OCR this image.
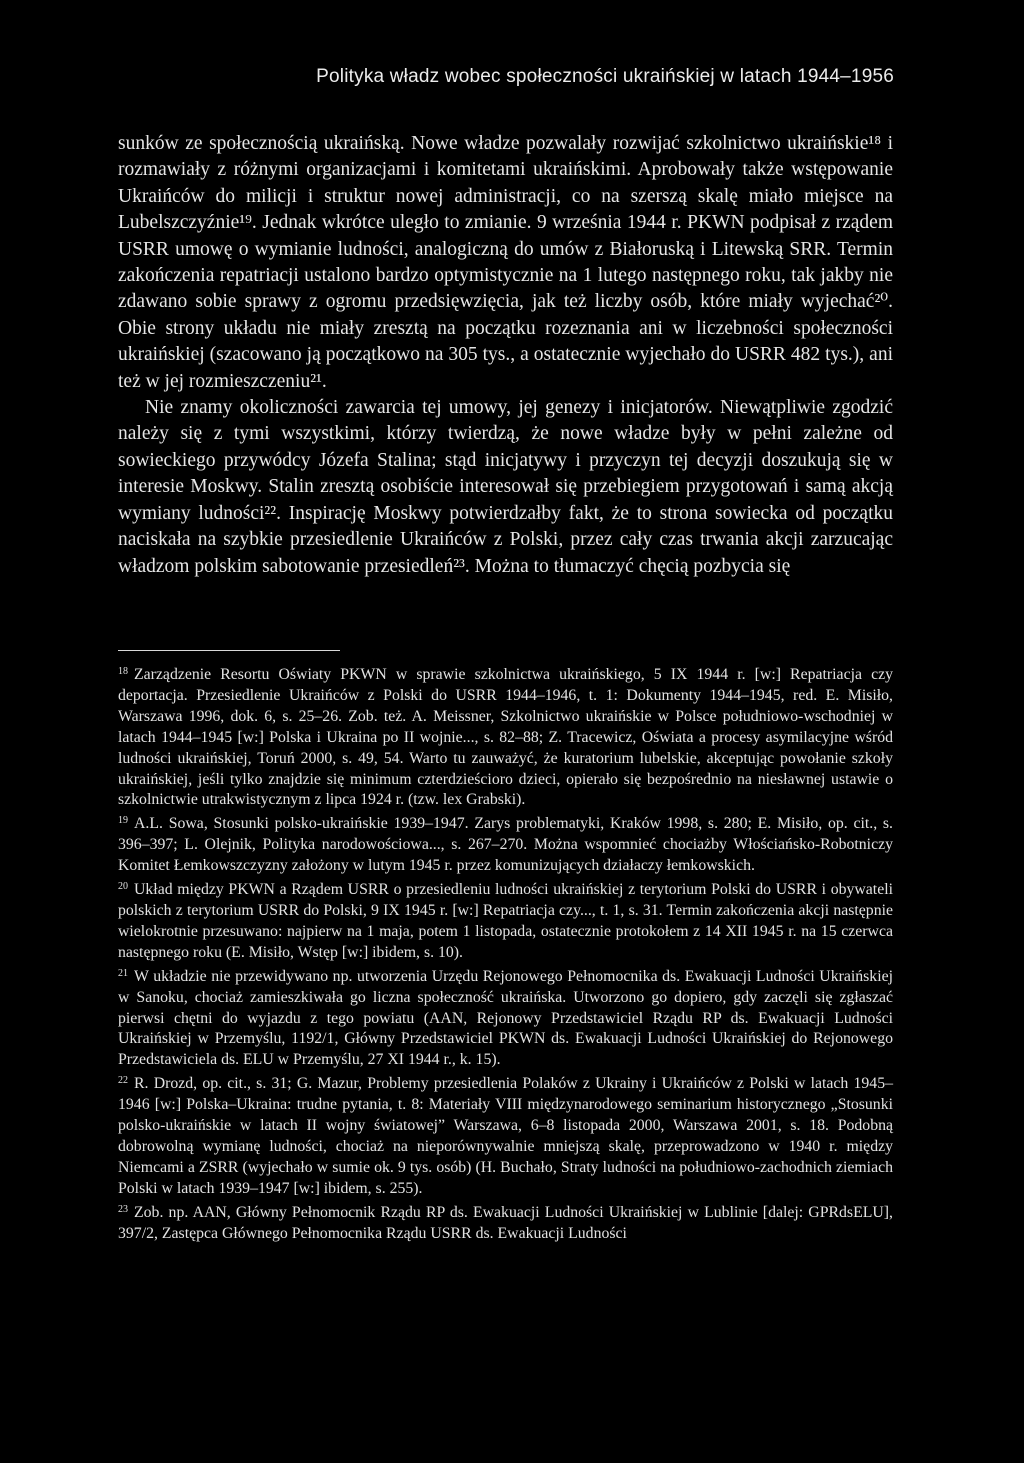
Polityka władz wobec społeczności ukraińskiej w latach 1944–1956

sunków ze społecznością ukraińską. Nowe władze pozwalały rozwijać szkolnictwo ukraińskie¹⁸ i rozmawiały z różnymi organizacjami i komitetami ukraińskimi. Aprobowały także wstępowanie Ukraińców do milicji i struktur nowej administracji, co na szerszą skalę miało miejsce na Lubelszczyźnie¹⁹. Jednak wkrótce uległo to zmianie. 9 września 1944 r. PKWN podpisał z rządem USRR umowę o wymianie ludności, analogiczną do umów z Białoruską i Litewską SRR. Termin zakończenia repatriacji ustalono bardzo optymistycznie na 1 lutego następnego roku, tak jakby nie zdawano sobie sprawy z ogromu przedsięwzięcia, jak też liczby osób, które miały wyjechać²⁰. Obie strony układu nie miały zresztą na początku rozeznania ani w liczebności społeczności ukraińskiej (szacowano ją początkowo na 305 tys., a ostatecznie wyjechało do USRR 482 tys.), ani też w jej rozmieszczeniu²¹.

Nie znamy okoliczności zawarcia tej umowy, jej genezy i inicjatorów. Niewątpliwie zgodzić należy się z tymi wszystkimi, którzy twierdzą, że nowe władze były w pełni zależne od sowieckiego przywódcy Józefa Stalina; stąd inicjatywy i przyczyn tej decyzji doszukują się w interesie Moskwy. Stalin zresztą osobiście interesował się przebiegiem przygotowań i samą akcją wymiany ludności²². Inspirację Moskwy potwierdzałby fakt, że to strona sowiecka od początku naciskała na szybkie przesiedlenie Ukraińców z Polski, przez cały czas trwania akcji zarzucając władzom polskim sabotowanie przesiedleń²³. Można to tłumaczyć chęcią pozbycia się

$^{18}$ Zarządzenie Resortu Oświaty PKWN w sprawie szkolnictwa ukraińskiego, 5 IX 1944 r. [w:] Repatriacja czy deportacja. Przesiedlenie Ukraińców z Polski do USRR 1944–1946, t. 1: Dokumenty 1944–1945, red. E. Misiło, Warszawa 1996, dok. 6, s. 25–26. Zob. też. A. Meissner, Szkolnictwo ukraińskie w Polsce południowo-wschodniej w latach 1944–1945 [w:] Polska i Ukraina po II wojnie..., s. 82–88; Z. Tracewicz, Oświata a procesy asymilacyjne wśród ludności ukraińskiej, Toruń 2000, s. 49, 54. Warto tu zauważyć, że kuratorium lubelskie, akceptując powołanie szkoły ukraińskiej, jeśli tylko znajdzie się minimum czterdzieścioro dzieci, opierało się bezpośrednio na niesławnej ustawie o szkolnictwie utrakwistycznym z lipca 1924 r. (tzw. lex Grabski).

$^{19}$ A.L. Sowa, Stosunki polsko-ukraińskie 1939–1947. Zarys problematyki, Kraków 1998, s. 280; E. Misiło, op. cit., s. 396–397; L. Olejnik, Polityka narodowościowa..., s. 267–270. Można wspomnieć chociażby Włościańsko-Robotniczy Komitet Łemkowszczyzny założony w lutym 1945 r. przez komunizujących działaczy łemkowskich.

$^{20}$ Układ między PKWN a Rządem USRR o przesiedleniu ludności ukraińskiej z terytorium Polski do USRR i obywateli polskich z terytorium USRR do Polski, 9 IX 1945 r. [w:] Repatriacja czy..., t. 1, s. 31. Termin zakończenia akcji następnie wielokrotnie przesuwano: najpierw na 1 maja, potem 1 listopada, ostatecznie protokołem z 14 XII 1945 r. na 15 czerwca następnego roku (E. Misiło, Wstęp [w:] ibidem, s. 10).

$^{21}$ W układzie nie przewidywano np. utworzenia Urzędu Rejonowego Pełnomocnika ds. Ewakuacji Ludności Ukraińskiej w Sanoku, chociaż zamieszkiwała go liczna społeczność ukraińska. Utworzono go dopiero, gdy zaczęli się zgłaszać pierwsi chętni do wyjazdu z tego powiatu (AAN, Rejonowy Przedstawiciel Rządu RP ds. Ewakuacji Ludności Ukraińskiej w Przemyślu, 1192/1, Główny Przedstawiciel PKWN ds. Ewakuacji Ludności Ukraińskiej do Rejonowego Przedstawiciela ds. ELU w Przemyślu, 27 XI 1944 r., k. 15).

$^{22}$ R. Drozd, op. cit., s. 31; G. Mazur, Problemy przesiedlenia Polaków z Ukrainy i Ukraińców z Polski w latach 1945–1946 [w:] Polska–Ukraina: trudne pytania, t. 8: Materiały VIII międzynarodowego seminarium historycznego „Stosunki polsko-ukraińskie w latach II wojny światowej” Warszawa, 6–8 listopada 2000, Warszawa 2001, s. 18. Podobną dobrowolną wymianę ludności, chociaż na nieporównywalnie mniejszą skalę, przeprowadzono w 1940 r. między Niemcami a ZSRR (wyjechało w sumie ok. 9 tys. osób) (H. Buchało, Straty ludności na południowo-zachodnich ziemiach Polski w latach 1939–1947 [w:] ibidem, s. 255).

$^{23}$ Zob. np. AAN, Główny Pełnomocnik Rządu RP ds. Ewakuacji Ludności Ukraińskiej w Lublinie [dalej: GPRdsELU], 397/2, Zastępca Głównego Pełnomocnika Rządu USRR ds. Ewakuacji Ludności
